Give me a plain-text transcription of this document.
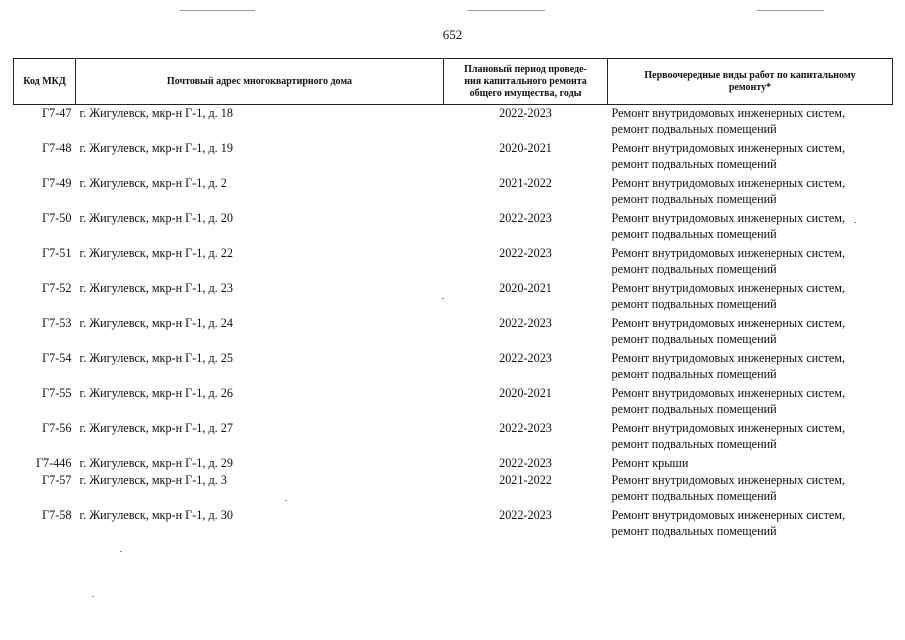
652
Код МКД	Почтовый адрес многоквартирного дома	Плановый период проведе-
ния капитального ремонта
общего имущества, годы	Первоочередные виды работ по капитальному
ремонту*

Г7-47	г. Жигулевск, мкр-н Г-1, д. 18	2022-2023	Ремонт внутридомовых инженерных систем,
ремонт подвальных помещений

Г7-48	г. Жигулевск, мкр-н Г-1, д. 19	2020-2021	Ремонт внутридомовых инженерных систем,
ремонт подвальных помещений

Г7-49	г. Жигулевск, мкр-н Г-1, д. 2	2021-2022	Ремонт внутридомовых инженерных систем,
ремонт подвальных помещений

Г7-50	г. Жигулевск, мкр-н Г-1, д. 20	2022-2023	Ремонт внутридомовых инженерных систем,
ремонт подвальных помещений

Г7-51	г. Жигулевск, мкр-н Г-1, д. 22	2022-2023	Ремонт внутридомовых инженерных систем,
ремонт подвальных помещений

Г7-52	г. Жигулевск, мкр-н Г-1, д. 23	2020-2021	Ремонт внутридомовых инженерных систем,
ремонт подвальных помещений

Г7-53	г. Жигулевск, мкр-н Г-1, д. 24	2022-2023	Ремонт внутридомовых инженерных систем,
ремонт подвальных помещений

Г7-54	г. Жигулевск, мкр-н Г-1, д. 25	2022-2023	Ремонт внутридомовых инженерных систем,
ремонт подвальных помещений

Г7-55	г. Жигулевск, мкр-н Г-1, д. 26	2020-2021	Ремонт внутридомовых инженерных систем,
ремонт подвальных помещений

Г7-56	г. Жигулевск, мкр-н Г-1, д. 27	2022-2023	Ремонт внутридомовых инженерных систем,
ремонт подвальных помещений

Г7-446	г. Жигулевск, мкр-н Г-1, д. 29	2022-2023	Ремонт крыши

Г7-57	г. Жигулевск, мкр-н Г-1, д. 3	2021-2022	Ремонт внутридомовых инженерных систем,
ремонт подвальных помещений

Г7-58	г. Жигулевск, мкр-н Г-1, д. 30	2022-2023	Ремонт внутридомовых инженерных систем,
ремонт подвальных помещений
